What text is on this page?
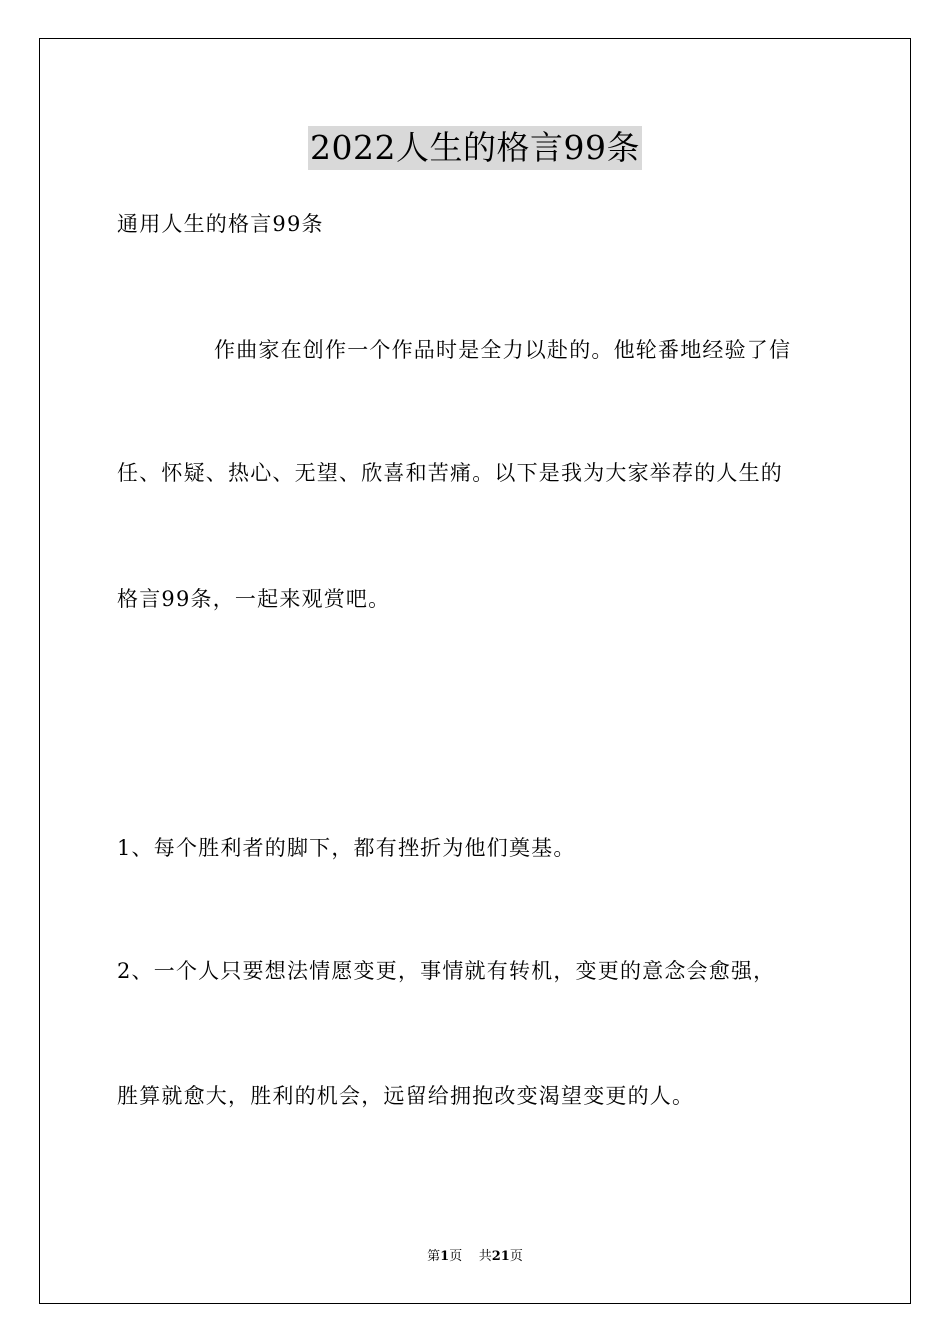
2022人生的格言99条
通用人生的格言99条
作曲家在创作一个作品时是全力以赴的。他轮番地经验了信
任、怀疑、热心、无望、欣喜和苦痛。以下是我为大家举荐的人生的
格言99条，一起来观赏吧。
1、每个胜利者的脚下，都有挫折为他们奠基。
2、一个人只要想法情愿变更，事情就有转机，变更的意念会愈强，
胜算就愈大，胜利的机会，远留给拥抱改变渴望变更的人。
第1页 共21页
